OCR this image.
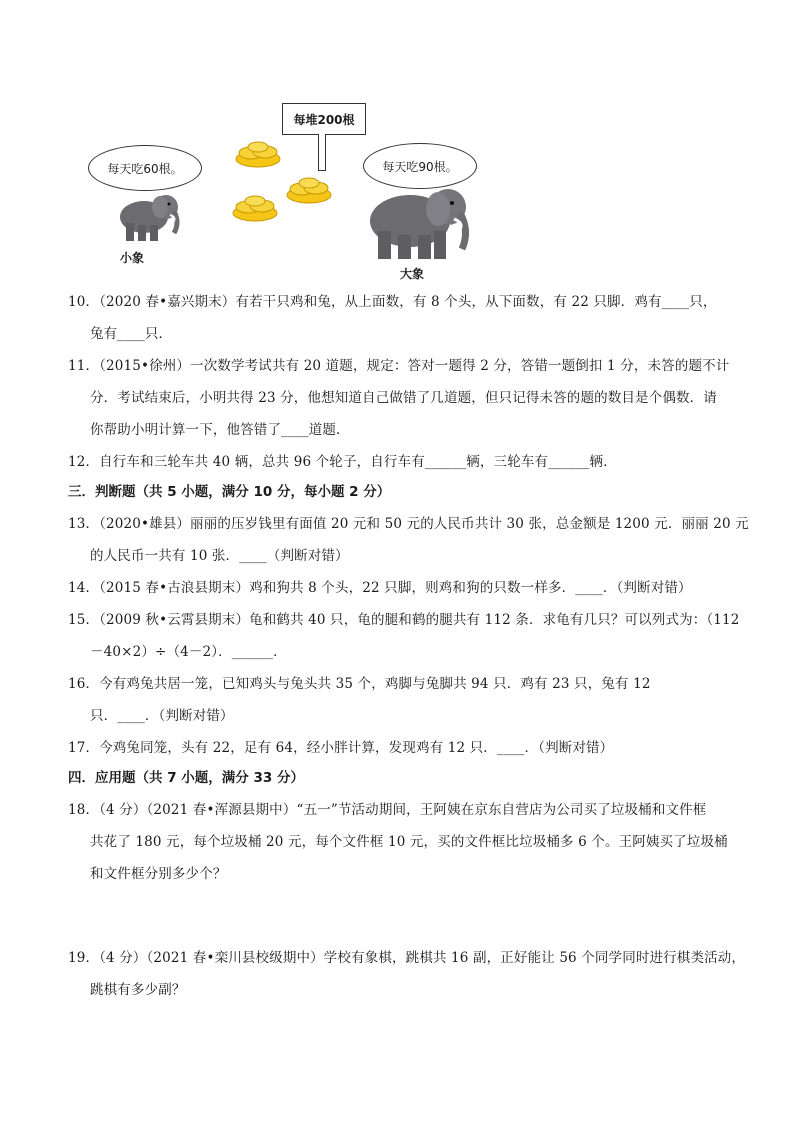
每堆200根
每天吃60根。	每天吃90根。
小象
大象
10．（2020 春•嘉兴期末）有若干只鸡和兔，从上面数，有 8 个头，从下面数，有 22 只脚．鸡有____只，
兔有____只．
11．（2015•徐州）一次数学考试共有 20 道题，规定：答对一题得 2 分，答错一题倒扣 1 分，未答的题不计
分．考试结束后，小明共得 23 分，他想知道自己做错了几道题，但只记得未答的题的数目是个偶数．请
你帮助小明计算一下，他答错了____道题．
12．自行车和三轮车共 40 辆，总共 96 个轮子，自行车有______辆，三轮车有______辆．
三．判断题（共 5 小题，满分 10 分，每小题 2 分）
13．（2020•雄县）丽丽的压岁钱里有面值 20 元和 50 元的人民币共计 30 张，总金额是 1200 元．丽丽 20 元
的人民币一共有 10 张．____（判断对错）
14．（2015 春•古浪县期末）鸡和狗共 8 个头，22 只脚，则鸡和狗的只数一样多．____．（判断对错）
15．（2009 秋•云霄县期末）龟和鹤共 40 只，龟的腿和鹤的腿共有 112 条．求龟有几只？可以列式为：（112
－40×2）÷（4－2）．______．
16．今有鸡兔共居一笼，已知鸡头与兔头共 35 个，鸡脚与兔脚共 94 只．鸡有 23 只，兔有 12
只．____．（判断对错）
17．今鸡兔同笼，头有 22，足有 64，经小胖计算，发现鸡有 12 只．____．（判断对错）
四．应用题（共 7 小题，满分 33 分）
18．（4 分）（2021 春•浑源县期中）“五一”节活动期间，王阿姨在京东自营店为公司买了垃圾桶和文件框
共花了 180 元，每个垃圾桶 20 元，每个文件框 10 元，买的文件框比垃圾桶多 6 个。王阿姨买了垃圾桶
和文件框分别多少个？
19．（4 分）（2021 春•栾川县校级期中）学校有象棋，跳棋共 16 副，正好能让 56 个同学同时进行棋类活动，
跳棋有多少副？
